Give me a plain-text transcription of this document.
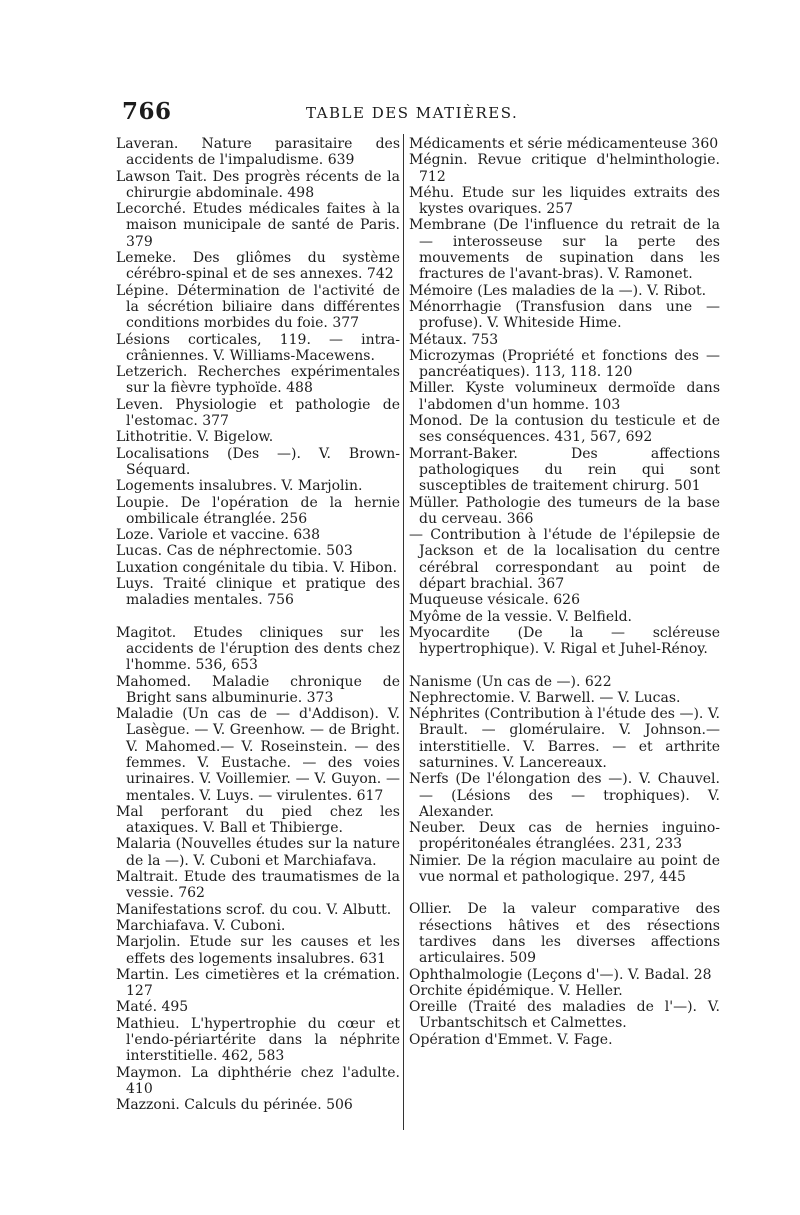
766	TABLE DES MATIÈRES.
Laveran. Nature parasitaire des accidents de l'impaludisme. 639
Lawson Tait. Des progrès récents de la chirurgie abdominale. 498
Lecorché. Etudes médicales faites à la maison municipale de santé de Paris. 379
Lemeke. Des gliômes du système cérébro-spinal et de ses annexes. 742
Lépine. Détermination de l'activité de la sécrétion biliaire dans différentes conditions morbides du foie. 377
Lésions corticales, 119. — intra-crâniennes. V. Williams-Macewens.
Letzerich. Recherches expérimentales sur la fièvre typhoïde. 488
Leven. Physiologie et pathologie de l'estomac. 377
Lithotritie. V. Bigelow.
Localisations (Des —). V. Brown-Séquard.
Logements insalubres. V. Marjolin.
Loupie. De l'opération de la hernie ombilicale étranglée. 256
Loze. Variole et vaccine. 638
Lucas. Cas de néphrectomie. 503
Luxation congénitale du tibia. V. Hibon.
Luys. Traité clinique et pratique des maladies mentales. 756
Magitot. Etudes cliniques sur les accidents de l'éruption des dents chez l'homme. 536, 653
Mahomed. Maladie chronique de Bright sans albuminurie. 373
Maladie (Un cas de — d'Addison). V. Lasègue. — V. Greenhow. — de Bright. V. Mahomed.— V. Roseinstein. — des femmes. V. Eustache. — des voies urinaires. V. Voillemier. — V. Guyon. — mentales. V. Luys. — virulentes. 617
Mal perforant du pied chez les ataxiques. V. Ball et Thibierge.
Malaria (Nouvelles études sur la nature de la —). V. Cuboni et Marchiafava.
Maltrait. Etude des traumatismes de la vessie. 762
Manifestations scrof. du cou. V. Albutt.
Marchiafava. V. Cuboni.
Marjolin. Etude sur les causes et les effets des logements insalubres. 631
Martin. Les cimetières et la crémation. 127
Maté. 495
Mathieu. L'hypertrophie du cœur et l'endo-périartérite dans la néphrite interstitielle. 462, 583
Maymon. La diphthérie chez l'adulte. 410
Mazzoni. Calculs du périnée. 506
Médicaments et série médicamenteuse 360
Mégnin. Revue critique d'helminthologie. 712
Méhu. Etude sur les liquides extraits des kystes ovariques. 257
Membrane (De l'influence du retrait de la — interosseuse sur la perte des mouvements de supination dans les fractures de l'avant-bras). V. Ramonet.
Mémoire (Les maladies de la —). V. Ribot.
Ménorrhagie (Transfusion dans une — profuse). V. Whiteside Hime.
Métaux. 753
Microzymas (Propriété et fonctions des — pancréatiques). 113, 118. 120
Miller. Kyste volumineux dermoïde dans l'abdomen d'un homme. 103
Monod. De la contusion du testicule et de ses conséquences. 431, 567, 692
Morrant-Baker. Des affections pathologiques du rein qui sont susceptibles de traitement chirurg. 501
Müller. Pathologie des tumeurs de la base du cerveau. 366
— Contribution à l'étude de l'épilepsie de Jackson et de la localisation du centre cérébral correspondant au point de départ brachial. 367
Muqueuse vésicale. 626
Myôme de la vessie. V. Belfield.
Myocardite (De la — scléreuse hypertrophique). V. Rigal et Juhel-Rénoy.
Nanisme (Un cas de —). 622
Nephrectomie. V. Barwell. — V. Lucas.
Néphrites (Contribution à l'étude des —). V. Brault. — glomérulaire. V. Johnson.— interstitielle. V. Barres. — et arthrite saturnines. V. Lancereaux.
Nerfs (De l'élongation des —). V. Chauvel. — (Lésions des — trophiques). V. Alexander.
Neuber. Deux cas de hernies inguino-propéritonéales étranglées. 231, 233
Nimier. De la région maculaire au point de vue normal et pathologique. 297, 445
Ollier. De la valeur comparative des résections hâtives et des résections tardives dans les diverses affections articulaires. 509
Ophthalmologie (Leçons d'—). V. Badal. 28
Orchite épidémique. V. Heller.
Oreille (Traité des maladies de l'—). V. Urbantschitsch et Calmettes.
Opération d'Emmet. V. Fage.
